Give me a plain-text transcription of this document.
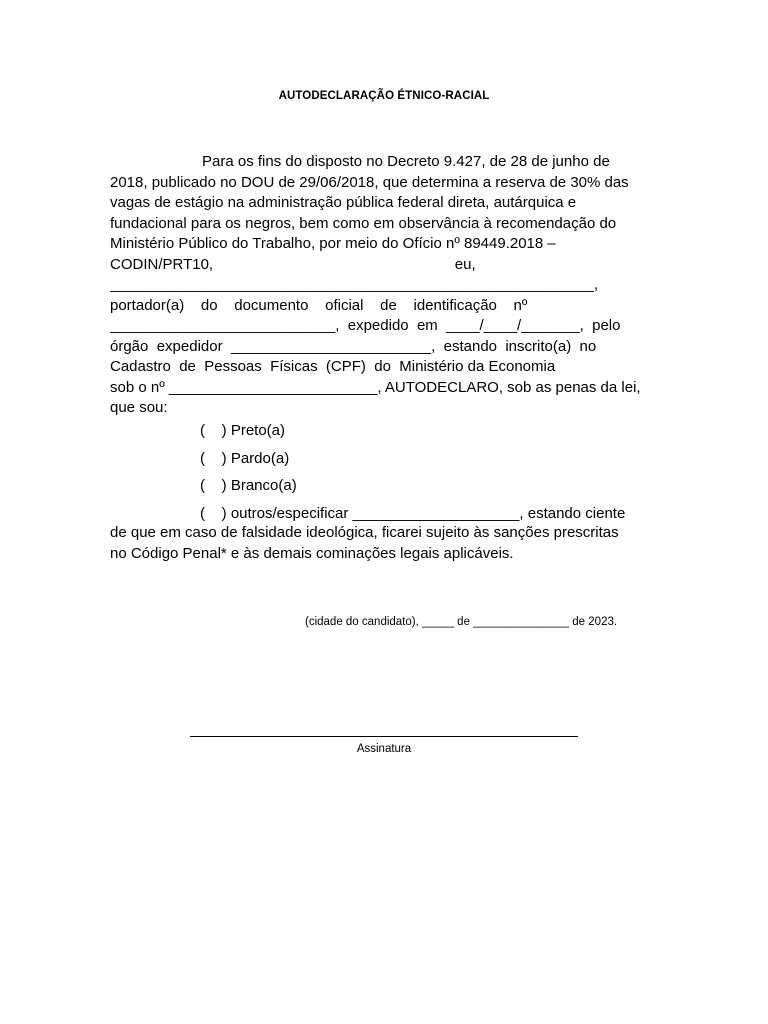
AUTODECLARAÇÃO ÉTNICO-RACIAL
Para os fins do disposto no Decreto 9.427, de 28 de junho de
2018, publicado no DOU de 29/06/2018, que determina a reserva de 30% das
vagas de estágio na administração pública federal direta, autárquica e
fundacional para os negros, bem como em observância à recomendação do
Ministério Público do Trabalho, por meio do Ofício nº 89449.2018 –
CODIN/PRT10,                                                          eu,
__________________________________________________________,
portador(a)    do    documento    oficial    de    identificação    nº
___________________________,  expedido  em  ____/____/_______,  pelo
órgão  expedidor  ________________________,  estando  inscrito(a)  no
Cadastro  de  Pessoas  Físicas  (CPF)  do  Ministério da Economia
sob o nº _________________________, AUTODECLARO, sob as penas da lei,
que sou:
(    ) Preto(a)
(    ) Pardo(a)
(    ) Branco(a)
(    ) outros/especificar ____________________, estando ciente
de que em caso de falsidade ideológica, ficarei sujeito às sanções prescritas
no Código Penal* e às demais cominações legais aplicáveis.
(cidade do candidato), _____ de _______________ de 2023.
Assinatura
